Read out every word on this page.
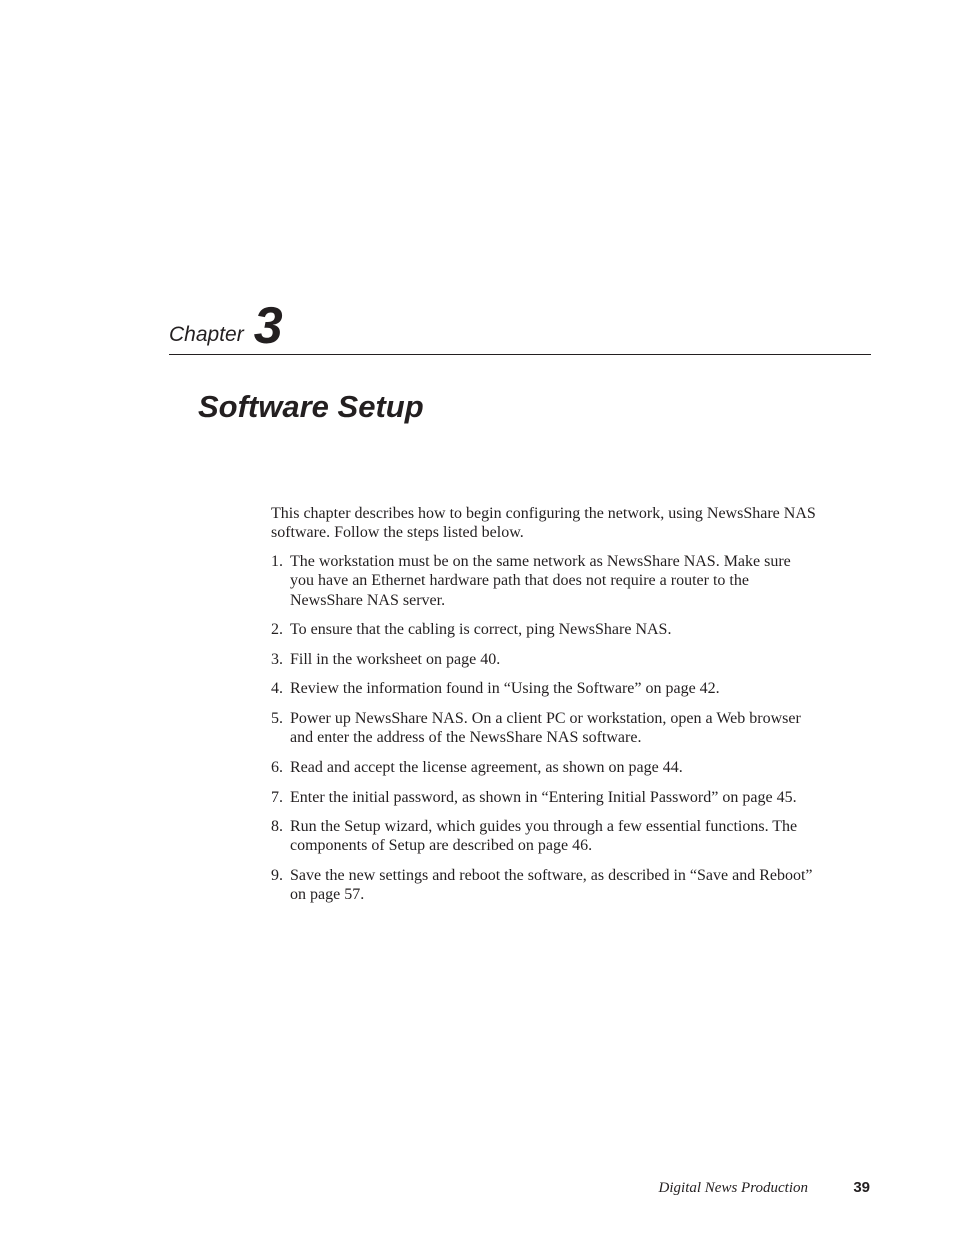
Chapter 3
Software Setup

This chapter describes how to begin configuring the network, using NewsShare NAS software. Follow the steps listed below.

1. The workstation must be on the same network as NewsShare NAS. Make sure you have an Ethernet hardware path that does not require a router to the NewsShare NAS server.
2. To ensure that the cabling is correct, ping NewsShare NAS.
3. Fill in the worksheet on page 40.
4. Review the information found in “Using the Software” on page 42.
5. Power up NewsShare NAS. On a client PC or workstation, open a Web browser and enter the address of the NewsShare NAS software.
6. Read and accept the license agreement, as shown on page 44.
7. Enter the initial password, as shown in “Entering Initial Password” on page 45.
8. Run the Setup wizard, which guides you through a few essential functions. The components of Setup are described on page 46.
9. Save the new settings and reboot the software, as described in “Save and Reboot” on page 57.
Digital News Production	39
